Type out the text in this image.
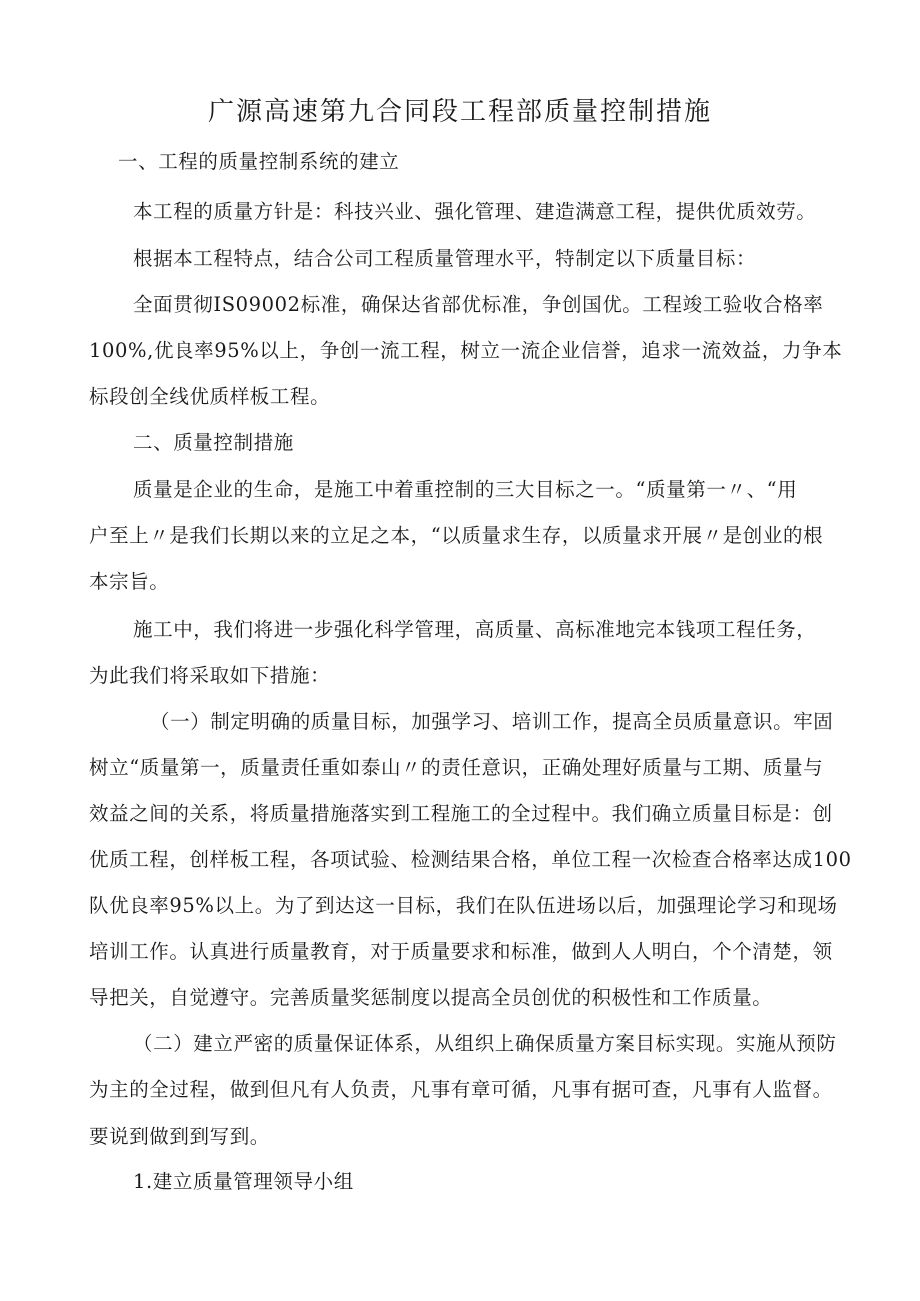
广源高速第九合同段工程部质量控制措施
一、工程的质量控制系统的建立
本工程的质量方针是：科技兴业、强化管理、建造满意工程，提供优质效劳。
根据本工程特点，结合公司工程质量管理水平，特制定以下质量目标：
全面贯彻IS09002标准，确保达省部优标准，争创国优。工程竣工验收合格率
100%,优良率95%以上，争创一流工程，树立一流企业信誉，追求一流效益，力争本
标段创全线优质样板工程。
二、质量控制措施
质量是企业的生命，是施工中着重控制的三大目标之一。“质量第一〃、“用
户至上〃是我们长期以来的立足之本，“以质量求生存，以质量求开展〃是创业的根
本宗旨。
施工中，我们将进一步强化科学管理，高质量、高标准地完本钱项工程任务，
为此我们将采取如下措施：
（一）制定明确的质量目标，加强学习、培训工作，提高全员质量意识。牢固
树立“质量第一，质量责任重如泰山〃的责任意识，正确处理好质量与工期、质量与
效益之间的关系，将质量措施落实到工程施工的全过程中。我们确立质量目标是：创
优质工程，创样板工程，各项试验、检测结果合格，单位工程一次检查合格率达成100
队优良率95%以上。为了到达这一目标，我们在队伍进场以后，加强理论学习和现场
培训工作。认真进行质量教育，对于质量要求和标准，做到人人明白，个个清楚，领
导把关，自觉遵守。完善质量奖惩制度以提高全员创优的积极性和工作质量。
（二）建立严密的质量保证体系，从组织上确保质量方案目标实现。实施从预防
为主的全过程，做到但凡有人负责，凡事有章可循，凡事有据可查，凡事有人监督。
要说到做到到写到。
1.建立质量管理领导小组
